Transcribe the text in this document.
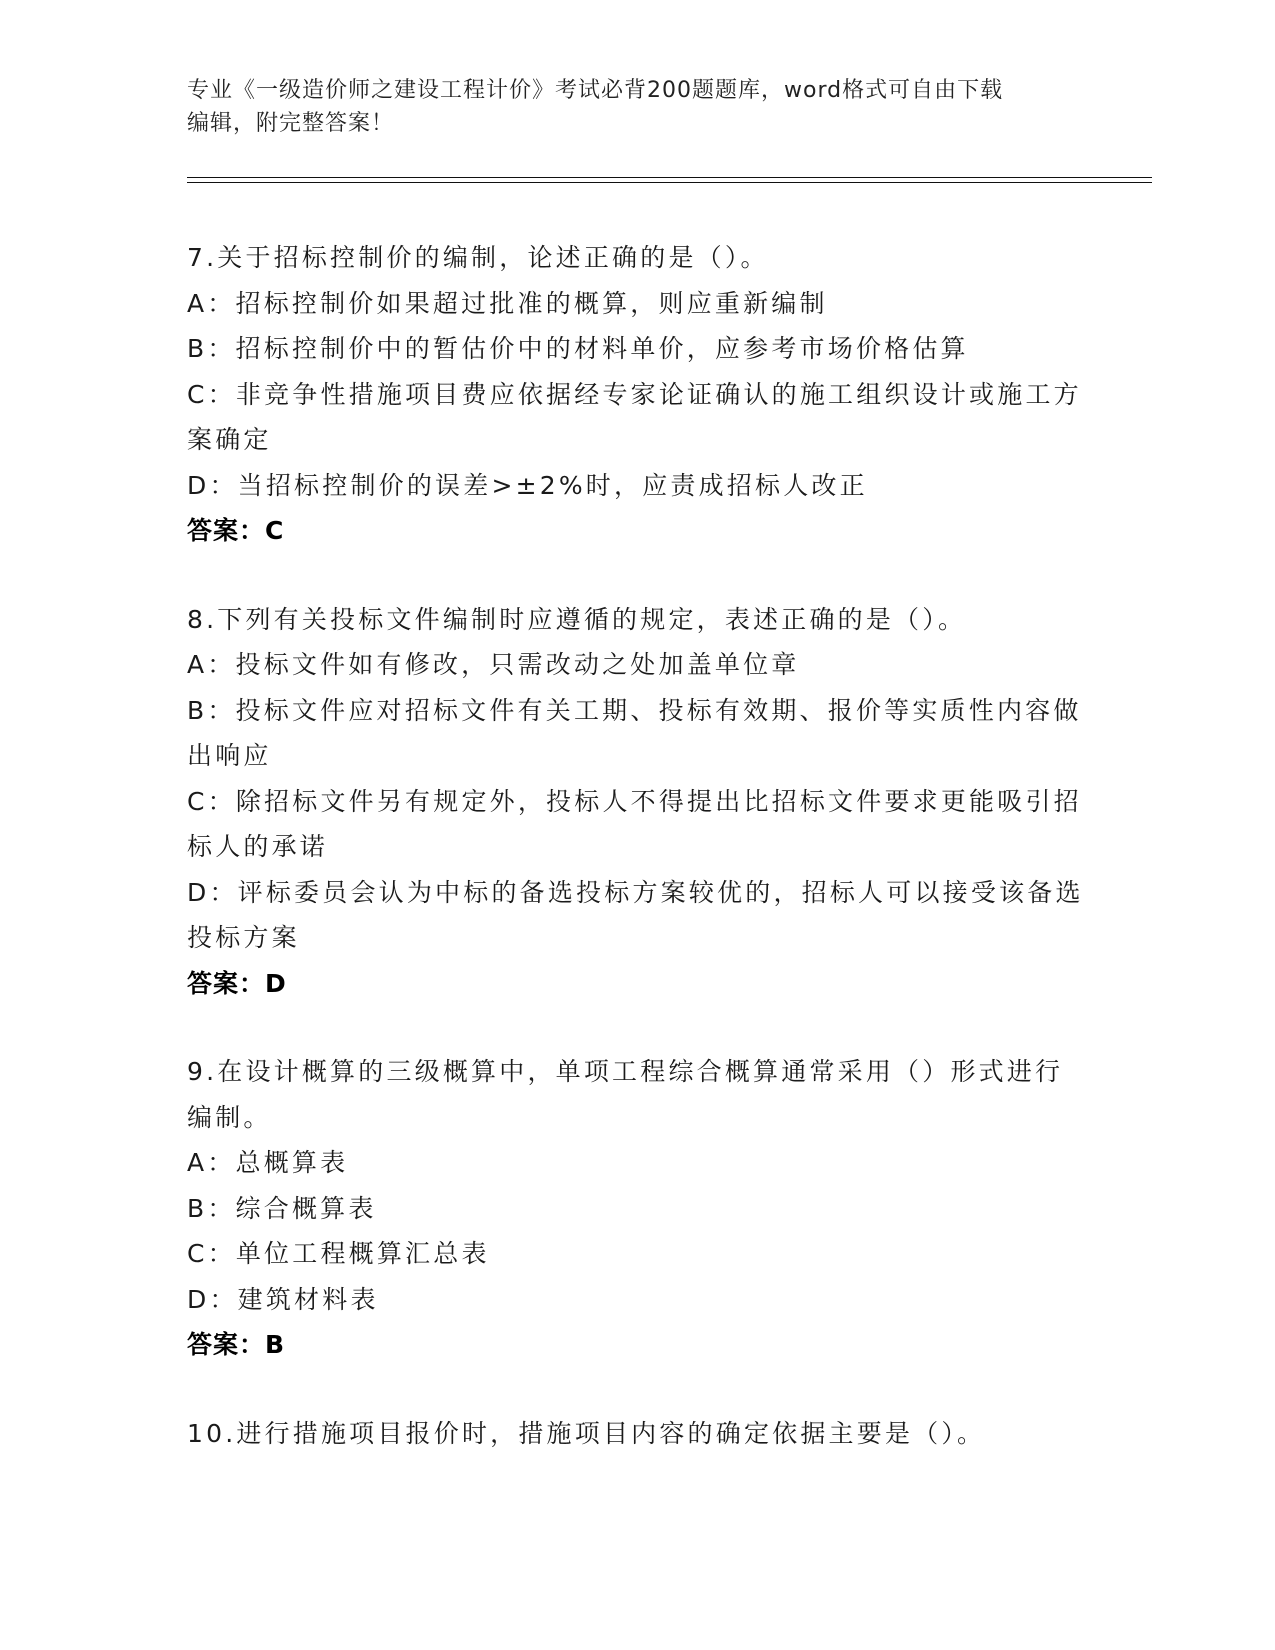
专业《一级造价师之建设工程计价》考试必背200题题库，word格式可自由下载
编辑，附完整答案！
7.关于招标控制价的编制，论述正确的是（）。
A：招标控制价如果超过批准的概算，则应重新编制
B：招标控制价中的暂估价中的材料单价，应参考市场价格估算
C：非竞争性措施项目费应依据经专家论证确认的施工组织设计或施工方案确定
D：当招标控制价的误差>±2%时，应责成招标人改正
答案：C
8.下列有关投标文件编制时应遵循的规定，表述正确的是（）。
A：投标文件如有修改，只需改动之处加盖单位章
B：投标文件应对招标文件有关工期、投标有效期、报价等实质性内容做出响应
C：除招标文件另有规定外，投标人不得提出比招标文件要求更能吸引招标人的承诺
D：评标委员会认为中标的备选投标方案较优的，招标人可以接受该备选投标方案
答案：D
9.在设计概算的三级概算中，单项工程综合概算通常采用（）形式进行编制。
A：总概算表
B：综合概算表
C：单位工程概算汇总表
D：建筑材料表
答案：B
10.进行措施项目报价时，措施项目内容的确定依据主要是（）。
